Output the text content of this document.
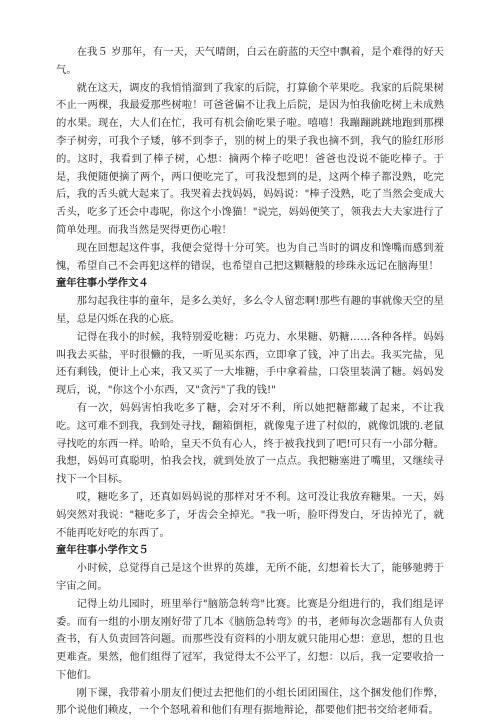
在我５ 岁那年，有一天，天气晴朗，白云在蔚蓝的天空中飘着，是个难得的好天气。

就在这天，调皮的我悄悄溜到了我家的后院，打算偷个苹果吃。我家的后院果树不止一两棵，我最爱那些树啦！可爸爸偏不让我上后院，是因为怕我偷吃树上未成熟的水果。现在，大人们在忙，我可有机会偷吃果子啦。嘻嘻！我蹦蹦跳跳地跑到那棵李子树旁，可我个子矮，够不到李子，别的树上的果子我也摘不到，我气的脸红形形的。这时，我看到了棒子树，心想：摘两个棒子吃吧！爸爸也没说不能吃棒子。于是，我便随便摘了两个，两口便吃完了，可我没想到的是，这两个棒子都没熟，吃完后，我的舌头就大起来了。我哭着去找妈妈，妈妈说："棒子没熟，吃了当然会变成大舌头，吃多了还会中毒呢，你这个小馋猫！"说完，妈妈便笑了，领我去大夫家进行了简单处理。而我当然是哭得更伤心啦！

现在回想起这件事，我便会觉得十分可笑。也为自己当时的调皮和馋嘴而感到羞愧，希望自己不会再犯这样的错误，也希望自己把这颗糖般的珍珠永远记在脑海里！

童年往事小学作文４

那勾起我往事的童年，是多么美好，多么令人留恋啊!那些有趣的事就像天空的星星，总是闪烁在我的心底。

记得在我小的时候，我特别爱吃糖：巧克力、水果糖、奶糖……各种各样。妈妈叫我去买盐，平时很懒的我，一听见买东西，立即拿了钱，冲了出去。我买完盐，见还有剩钱，便计上心来，我又买了一大堆糖，手中拿着盐，口袋里装满了糖。妈妈发现后，说，"你这个小东西，又"贪污"了我的钱!"

有一次，妈妈害怕我吃多了糖，会对牙不利，所以她把糖都藏了起来，不让我吃。这可难不到我，我到处寻找，翻箱倒柜，就像鬼子进了村似的，就像饥饿的.老鼠寻找吃的东西一样。哈哈，皇天不负有心人，终于被我找到了吧!可只有一小部分糖。我想，妈妈可真聪明，怕我会找，就到处放了一点点。我把糖塞进了嘴里，又继续寻找下一个目标。

哎，糖吃多了，还真如妈妈说的那样对牙不利。这可没让我放弃糖果。一天，妈妈突然对我说："糖吃多了，牙齿会全掉光。"我一听，脸吓得发白，牙齿掉光了，就不能再吃好吃的东西了。

童年往事小学作文５

小时候，总觉得自己是这个世界的英雄，无所不能，幻想着长大了，能够驰骋于宇宙之间。

记得上幼儿园时，班里举行"脑筋急转弯"比赛。比赛是分组进行的，我们组是评委。而有一组的小朋友刚好带了几本《脑筋急转弯》的书，老师每次念题都有人负责查书，有人负责回答问题。而那些没有资料的小朋友就只能用心想：意思，想的且也更难查。果然，他们组得了冠军，我觉得太不公平了，幻想：以后，我一定要收拾一下他们。

刚下课，我带着小朋友们便过去把他们的小组长团团围住，这个捆发他们作弊，那个说他们赖皮，一个个怒吼着和他们有理有据地辩论，都要他们把书交给老师看。
